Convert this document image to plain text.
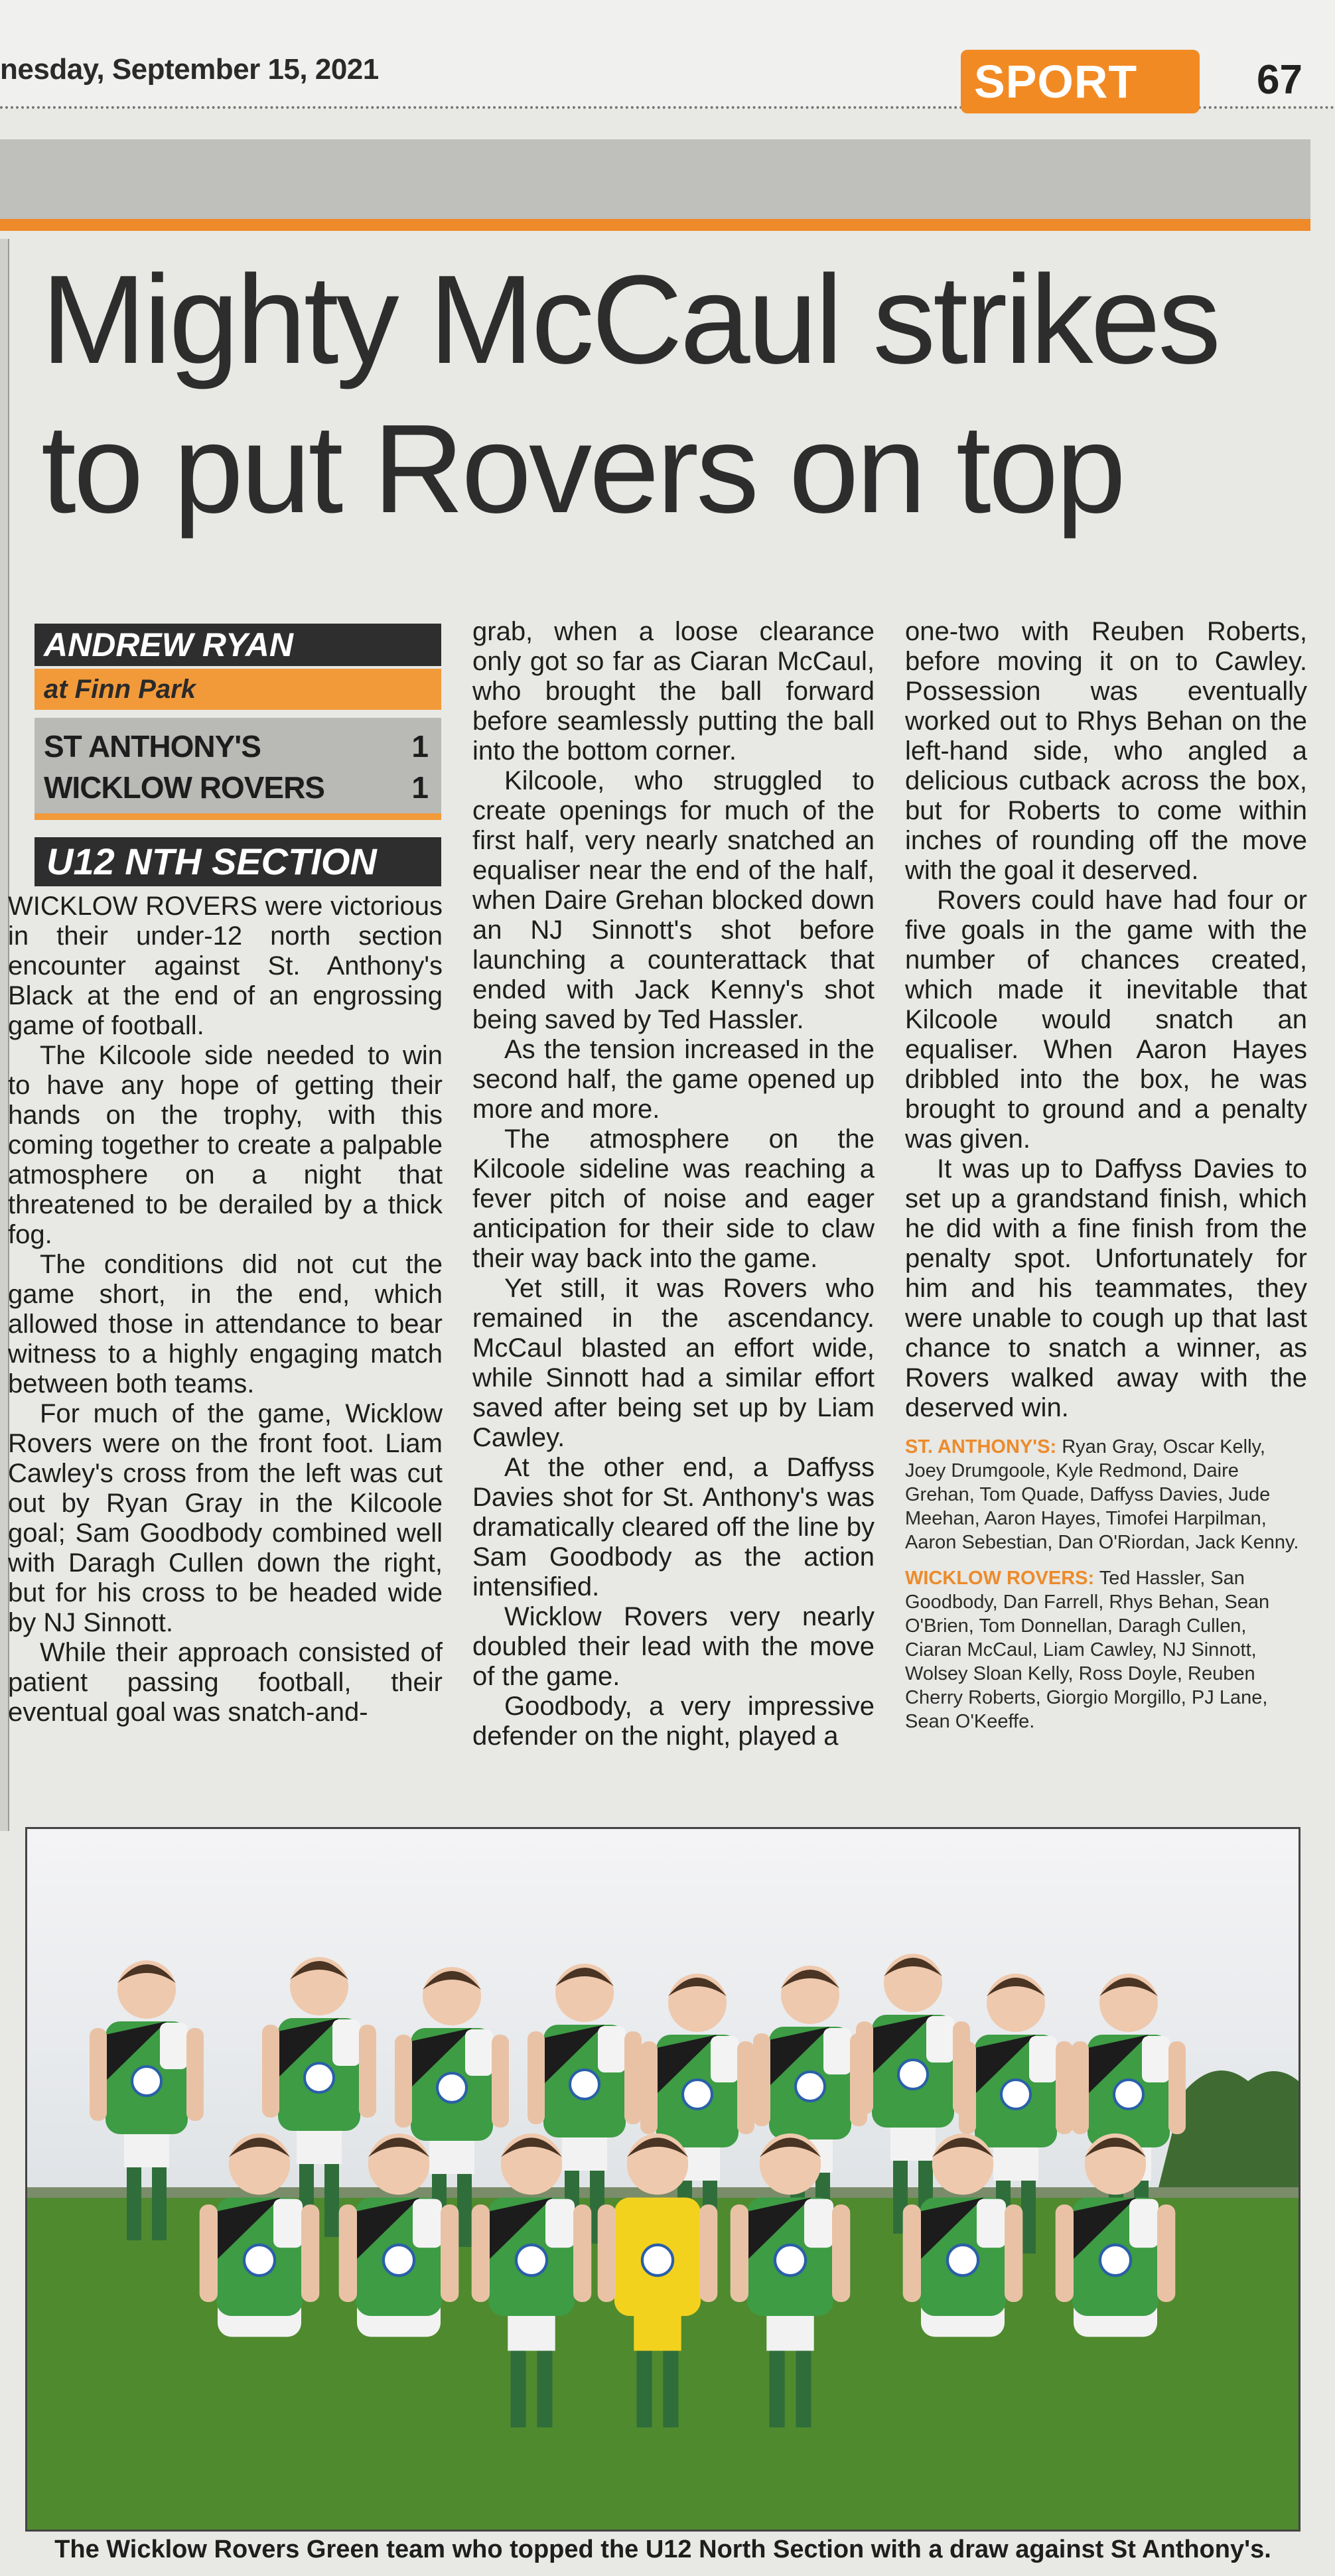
nesday, September 15, 2021	SPORT	67
Mighty McCaul strikes
to put Rovers on top
ANDREW RYAN
at Finn Park
ST ANTHONY'S	1
WICKLOW ROVERS	1
U12 NTH SECTION

WICKLOW ROVERS were victorious in their under-12 north section encounter against St. Anthony's Black at the end of an engrossing game of football.

The Kilcoole side needed to win to have any hope of getting their hands on the trophy, with this coming together to create a palpable atmosphere on a night that threatened to be derailed by a thick fog.

The conditions did not cut the game short, in the end, which allowed those in attendance to bear witness to a highly engaging match between both teams.

For much of the game, Wicklow Rovers were on the front foot. Liam Cawley's cross from the left was cut out by Ryan Gray in the Kilcoole goal; Sam Goodbody combined well with Daragh Cullen down the right, but for his cross to be headed wide by NJ Sinnott.

While their approach consisted of patient passing football, their eventual goal was snatch-and-

grab, when a loose clearance only got so far as Ciaran McCaul, who brought the ball forward before seamlessly putting the ball into the bottom corner.

Kilcoole, who struggled to create openings for much of the first half, very nearly snatched an equaliser near the end of the half, when Daire Grehan blocked down an NJ Sinnott's shot before launching a counterattack that ended with Jack Kenny's shot being saved by Ted Hassler.

As the tension increased in the second half, the game opened up more and more.

The atmosphere on the Kilcoole sideline was reaching a fever pitch of noise and eager anticipation for their side to claw their way back into the game.

Yet still, it was Rovers who remained in the ascendancy. McCaul blasted an effort wide, while Sinnott had a similar effort saved after being set up by Liam Cawley.

At the other end, a Daffyss Davies shot for St. Anthony's was dramatically cleared off the line by Sam Goodbody as the action intensified.

Wicklow Rovers very nearly doubled their lead with the move of the game.

Goodbody, a very impressive defender on the night, played a

one-two with Reuben Roberts, before moving it on to Cawley. Possession was eventually worked out to Rhys Behan on the left-hand side, who angled a delicious cutback across the box, but for Roberts to come within inches of rounding off the move with the goal it deserved.

Rovers could have had four or five goals in the game with the number of chances created, which made it inevitable that Kilcoole would snatch an equaliser. When Aaron Hayes dribbled into the box, he was brought to ground and a penalty was given.

It was up to Daffyss Davies to set up a grandstand finish, which he did with a fine finish from the penalty spot. Unfortunately for him and his teammates, they were unable to cough up that last chance to snatch a winner, as Rovers walked away with the deserved win.

ST. ANTHONY'S: Ryan Gray, Oscar Kelly, Joey Drumgoole, Kyle Redmond, Daire Grehan, Tom Quade, Daffyss Davies, Jude Meehan, Aaron Hayes, Timofei Harpilman, Aaron Sebestian, Dan O'Riordan, Jack Kenny.

WICKLOW ROVERS: Ted Hassler, San Goodbody, Dan Farrell, Rhys Behan, Sean O'Brien, Tom Donnellan, Daragh Cullen, Ciaran McCaul, Liam Cawley, NJ Sinnott, Wolsey Sloan Kelly, Ross Doyle, Reuben Cherry Roberts, Giorgio Morgillo, PJ Lane, Sean O'Keeffe.

The Wicklow Rovers Green team who topped the U12 North Section with a draw against St Anthony's.
